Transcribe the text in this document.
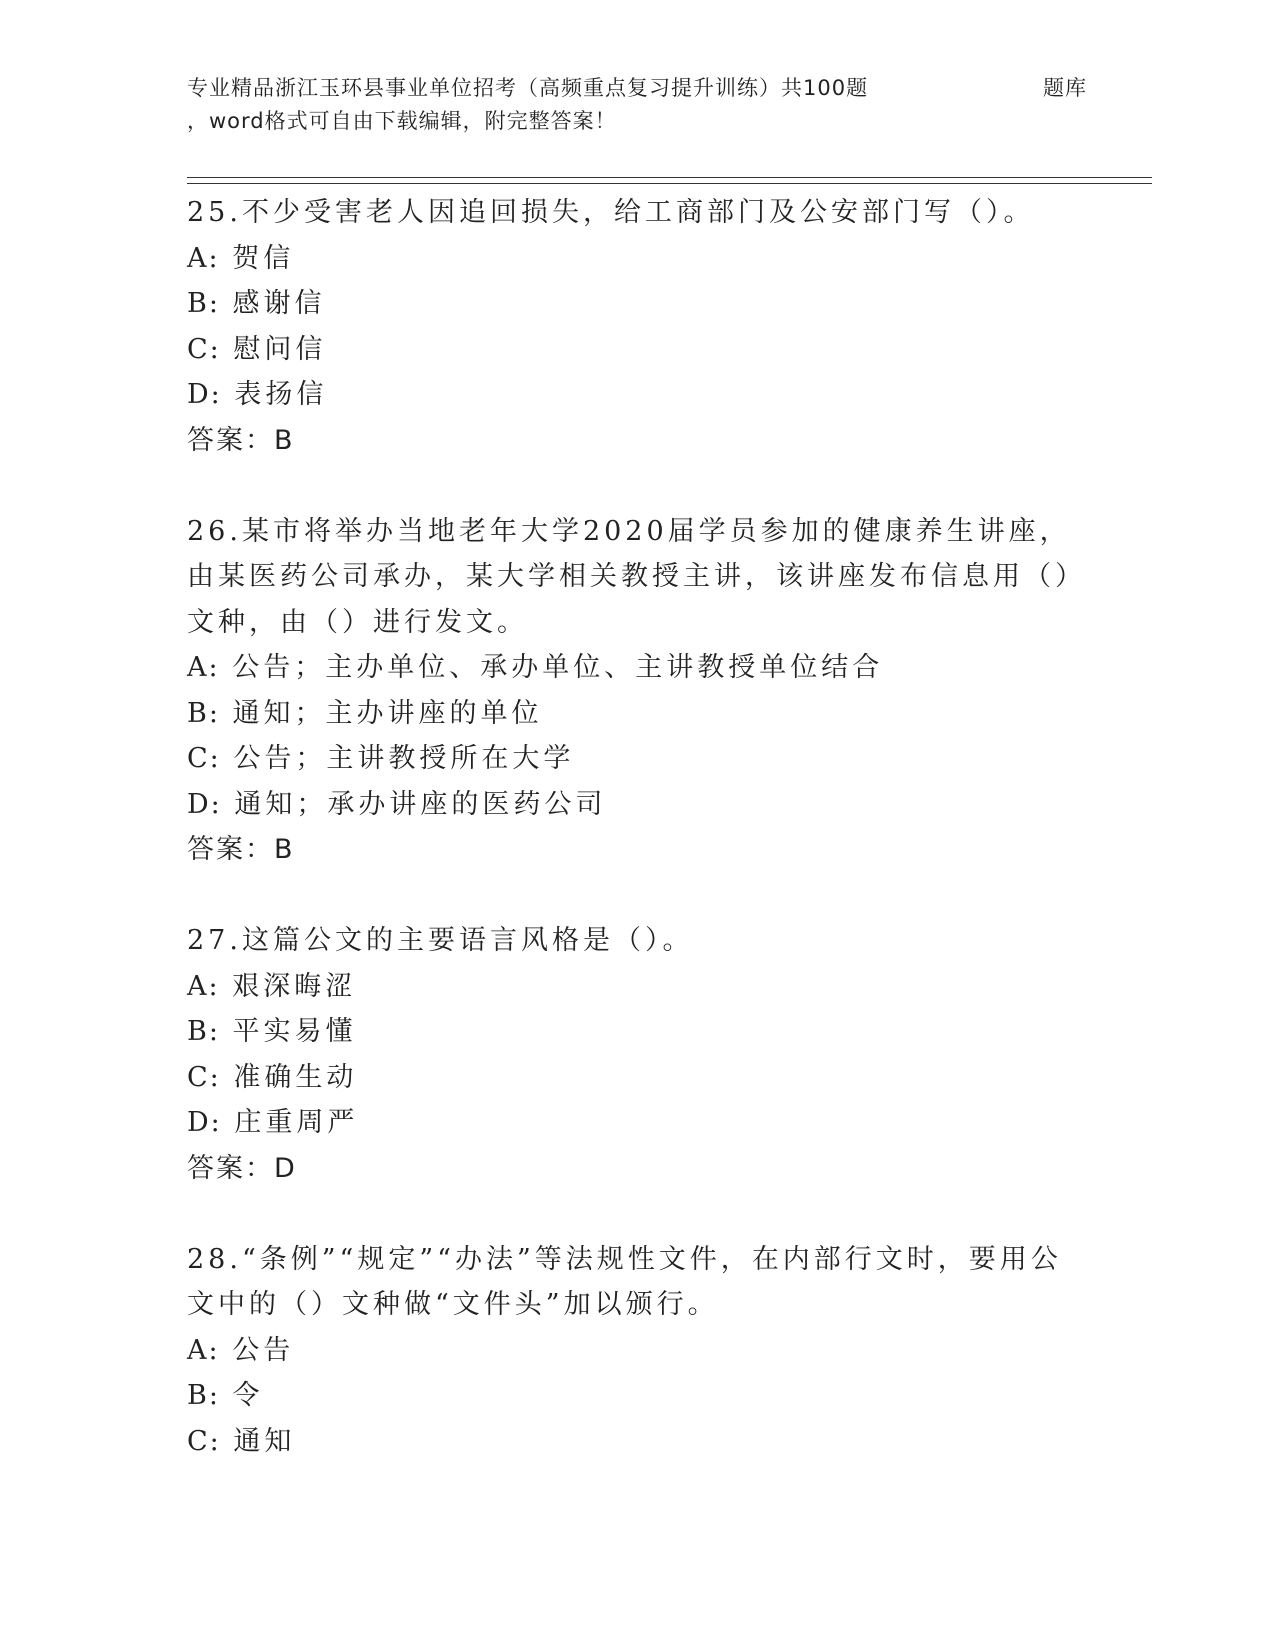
专业精品浙江玉环县事业单位招考（高频重点复习提升训练）共100题	题库
，word格式可自由下载编辑，附完整答案！

25.不少受害老人因追回损失，给工商部门及公安部门写（）。

A: 贺信

B: 感谢信

C: 慰问信

D: 表扬信

答案：B

26.某市将举办当地老年大学2020届学员参加的健康养生讲座，由某医药公司承办，某大学相关教授主讲，该讲座发布信息用（）文种，由（）进行发文。

A: 公告；主办单位、承办单位、主讲教授单位结合

B: 通知；主办讲座的单位

C: 公告；主讲教授所在大学

D: 通知；承办讲座的医药公司

答案：B

27.这篇公文的主要语言风格是（）。

A: 艰深晦涩

B: 平实易懂

C: 准确生动

D: 庄重周严

答案：D

28.“条例”“规定”“办法”等法规性文件，在内部行文时，要用公文中的（）文种做“文件头”加以颁行。

A: 公告

B: 令

C: 通知
